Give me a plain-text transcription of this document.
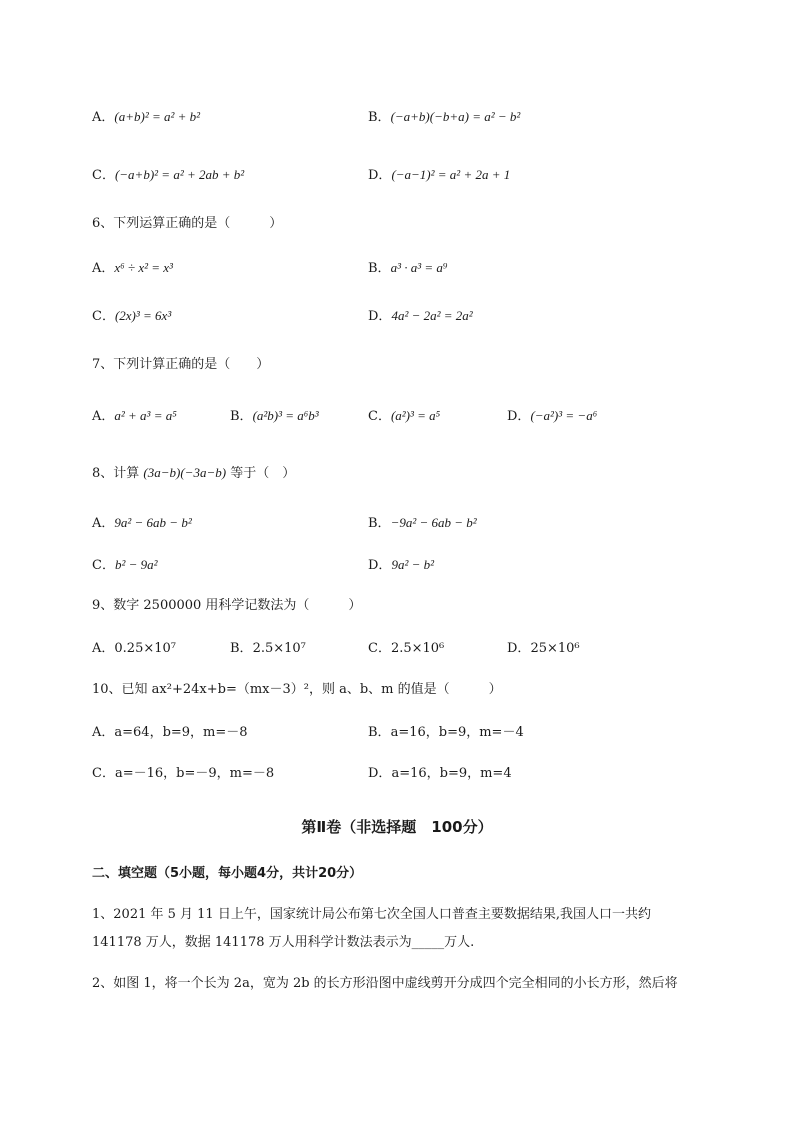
A．(a+b)² = a² + b²	B．(−a+b)(−b+a) = a² − b²
C．(−a+b)² = a² + 2ab + b²	D．(−a−1)² = a² + 2a + 1
6、下列运算正确的是（　　　）
A．x⁶ ÷ x² = x³	B．a³ · a³ = a⁹
C．(2x)³ = 6x³	D．4a² − 2a² = 2a²
7、下列计算正确的是（　　）
A．a² + a³ = a⁵	B．(a²b)³ = a⁶b³	C．(a²)³ = a⁵	D．(−a²)³ = −a⁶
8、计算 (3a−b)(−3a−b) 等于（　）
A．9a² − 6ab − b²	B．−9a² − 6ab − b²
C．b² − 9a²	D．9a² − b²
9、数字 2500000 用科学记数法为（　　　）
A．0.25×10⁷	B．2.5×10⁷	C．2.5×10⁶	D．25×10⁶
10、已知 ax²+24x+b=（mx－3）²，则 a、b、m 的值是（　　　）
A．a=64，b=9，m=－8	B．a=16，b=9，m=－4
C．a=－16，b=－9，m=－8	D．a=16，b=9，m=4
第Ⅱ卷（非选择题　100分）
二、填空题（5小题，每小题4分，共计20分）
1、2021 年 5 月 11 日上午，国家统计局公布第七次全国人口普查主要数据结果,我国人口一共约
141178 万人，数据 141178 万人用科学计数法表示为_____万人.
2、如图 1，将一个长为 2a，宽为 2b 的长方形沿图中虚线剪开分成四个完全相同的小长方形，然后将
